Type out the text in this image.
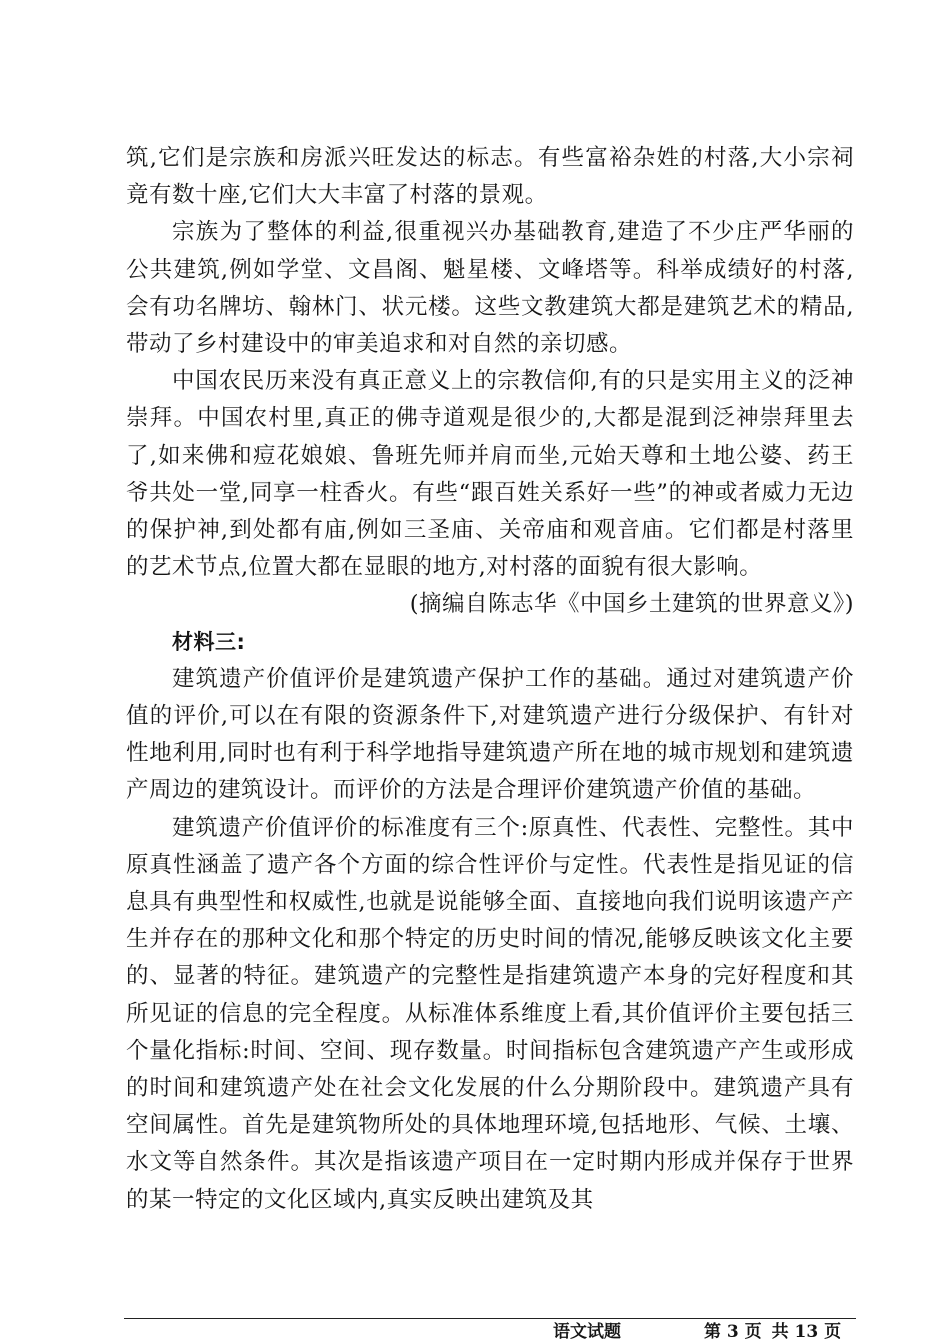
筑,它们是宗族和房派兴旺发达的标志。有些富裕杂姓的村落,大小宗祠竟有数十座,它们大大丰富了村落的景观。

宗族为了整体的利益,很重视兴办基础教育,建造了不少庄严华丽的公共建筑,例如学堂、文昌阁、魁星楼、文峰塔等。科举成绩好的村落,会有功名牌坊、翰林门、状元楼。这些文教建筑大都是建筑艺术的精品,带动了乡村建设中的审美追求和对自然的亲切感。

中国农民历来没有真正意义上的宗教信仰,有的只是实用主义的泛神崇拜。中国农村里,真正的佛寺道观是很少的,大都是混到泛神崇拜里去了,如来佛和痘花娘娘、鲁班先师并肩而坐,元始天尊和土地公婆、药王爷共处一堂,同享一柱香火。有些“跟百姓关系好一些”的神或者威力无边的保护神,到处都有庙,例如三圣庙、关帝庙和观音庙。它们都是村落里的艺术节点,位置大都在显眼的地方,对村落的面貌有很大影响。

(摘编自陈志华《中国乡土建筑的世界意义》)

材料三:

建筑遗产价值评价是建筑遗产保护工作的基础。通过对建筑遗产价值的评价,可以在有限的资源条件下,对建筑遗产进行分级保护、有针对性地利用,同时也有利于科学地指导建筑遗产所在地的城市规划和建筑遗产周边的建筑设计。而评价的方法是合理评价建筑遗产价值的基础。

建筑遗产价值评价的标准度有三个:原真性、代表性、完整性。其中原真性涵盖了遗产各个方面的综合性评价与定性。代表性是指见证的信息具有典型性和权威性,也就是说能够全面、直接地向我们说明该遗产产生并存在的那种文化和那个特定的历史时间的情况,能够反映该文化主要的、显著的特征。建筑遗产的完整性是指建筑遗产本身的完好程度和其所见证的信息的完全程度。从标准体系维度上看,其价值评价主要包括三个量化指标:时间、空间、现存数量。时间指标包含建筑遗产产生或形成的时间和建筑遗产处在社会文化发展的什么分期阶段中。建筑遗产具有空间属性。首先是建筑物所处的具体地理环境,包括地形、气候、土壤、水文等自然条件。其次是指该遗产项目在一定时期内形成并保存于世界的某一特定的文化区域内,真实反映出建筑及其

语文试题	第 3 页 共 13 页
